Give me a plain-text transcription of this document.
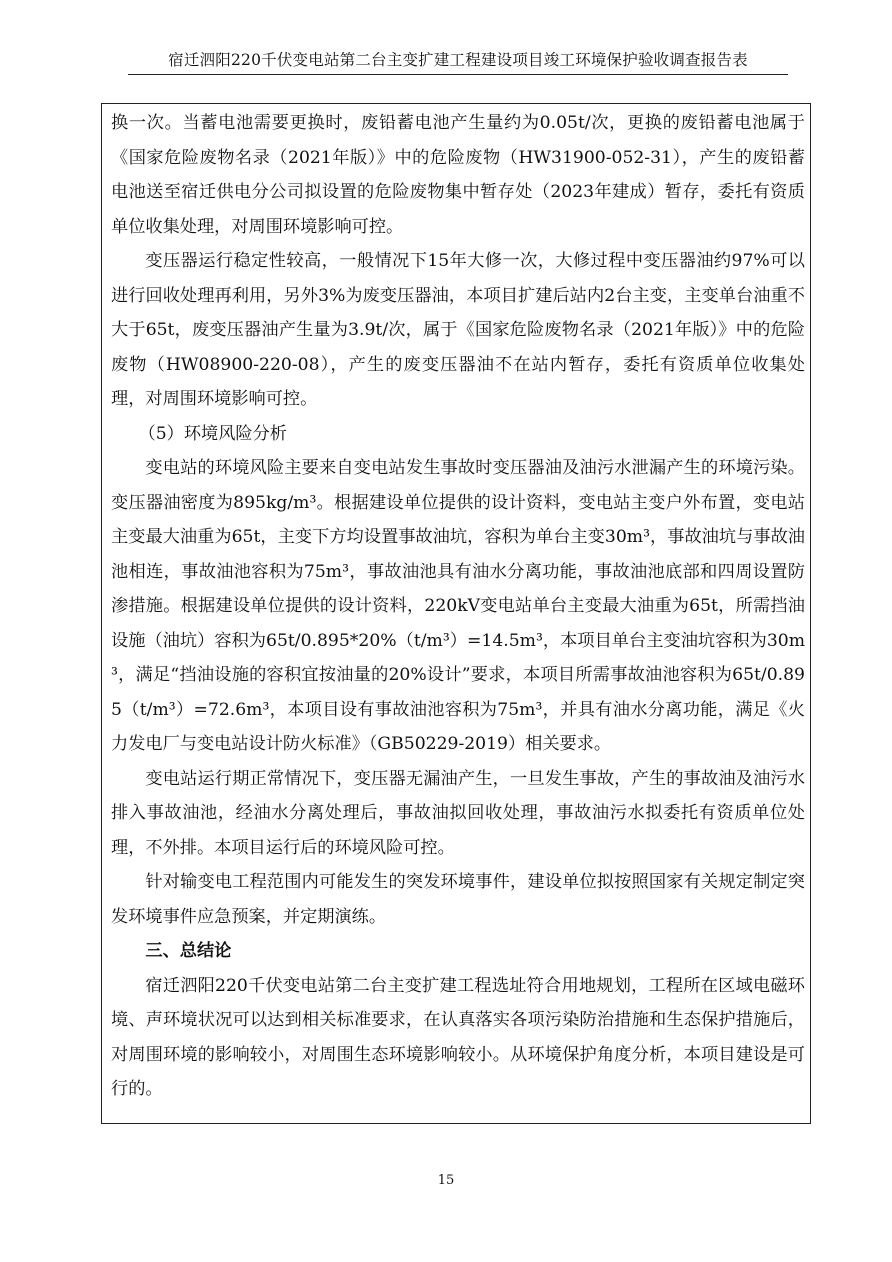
宿迁泗阳220千伏变电站第二台主变扩建工程建设项目竣工环境保护验收调查报告表

换一次。当蓄电池需要更换时，废铅蓄电池产生量约为0.05t/次，更换的废铅蓄电池属于《国家危险废物名录（2021年版）》中的危险废物（HW31900-052-31），产生的废铅蓄电池送至宿迁供电分公司拟设置的危险废物集中暂存处（2023年建成）暂存，委托有资质单位收集处理，对周围环境影响可控。

变压器运行稳定性较高，一般情况下15年大修一次，大修过程中变压器油约97%可以进行回收处理再利用，另外3%为废变压器油，本项目扩建后站内2台主变，主变单台油重不大于65t，废变压器油产生量为3.9t/次，属于《国家危险废物名录（2021年版）》中的危险废物（HW08900-220-08），产生的废变压器油不在站内暂存，委托有资质单位收集处理，对周围环境影响可控。

（5）环境风险分析

变电站的环境风险主要来自变电站发生事故时变压器油及油污水泄漏产生的环境污染。变压器油密度为895kg/m³。根据建设单位提供的设计资料，变电站主变户外布置，变电站主变最大油重为65t，主变下方均设置事故油坑，容积为单台主变30m³，事故油坑与事故油池相连，事故油池容积为75m³，事故油池具有油水分离功能，事故油池底部和四周设置防渗措施。根据建设单位提供的设计资料，220kV变电站单台主变最大油重为65t，所需挡油设施（油坑）容积为65t/0.895*20%（t/m³）=14.5m³，本项目单台主变油坑容积为30m³，满足“挡油设施的容积宜按油量的20%设计”要求，本项目所需事故油池容积为65t/0.895（t/m³）=72.6m³，本项目设有事故油池容积为75m³，并具有油水分离功能，满足《火力发电厂与变电站设计防火标准》（GB50229-2019）相关要求。

变电站运行期正常情况下，变压器无漏油产生，一旦发生事故，产生的事故油及油污水排入事故油池，经油水分离处理后，事故油拟回收处理，事故油污水拟委托有资质单位处理，不外排。本项目运行后的环境风险可控。

针对输变电工程范围内可能发生的突发环境事件，建设单位拟按照国家有关规定制定突发环境事件应急预案，并定期演练。

三、总结论

宿迁泗阳220千伏变电站第二台主变扩建工程选址符合用地规划，工程所在区域电磁环境、声环境状况可以达到相关标准要求，在认真落实各项污染防治措施和生态保护措施后，对周围环境的影响较小，对周围生态环境影响较小。从环境保护角度分析，本项目建设是可行的。

15
